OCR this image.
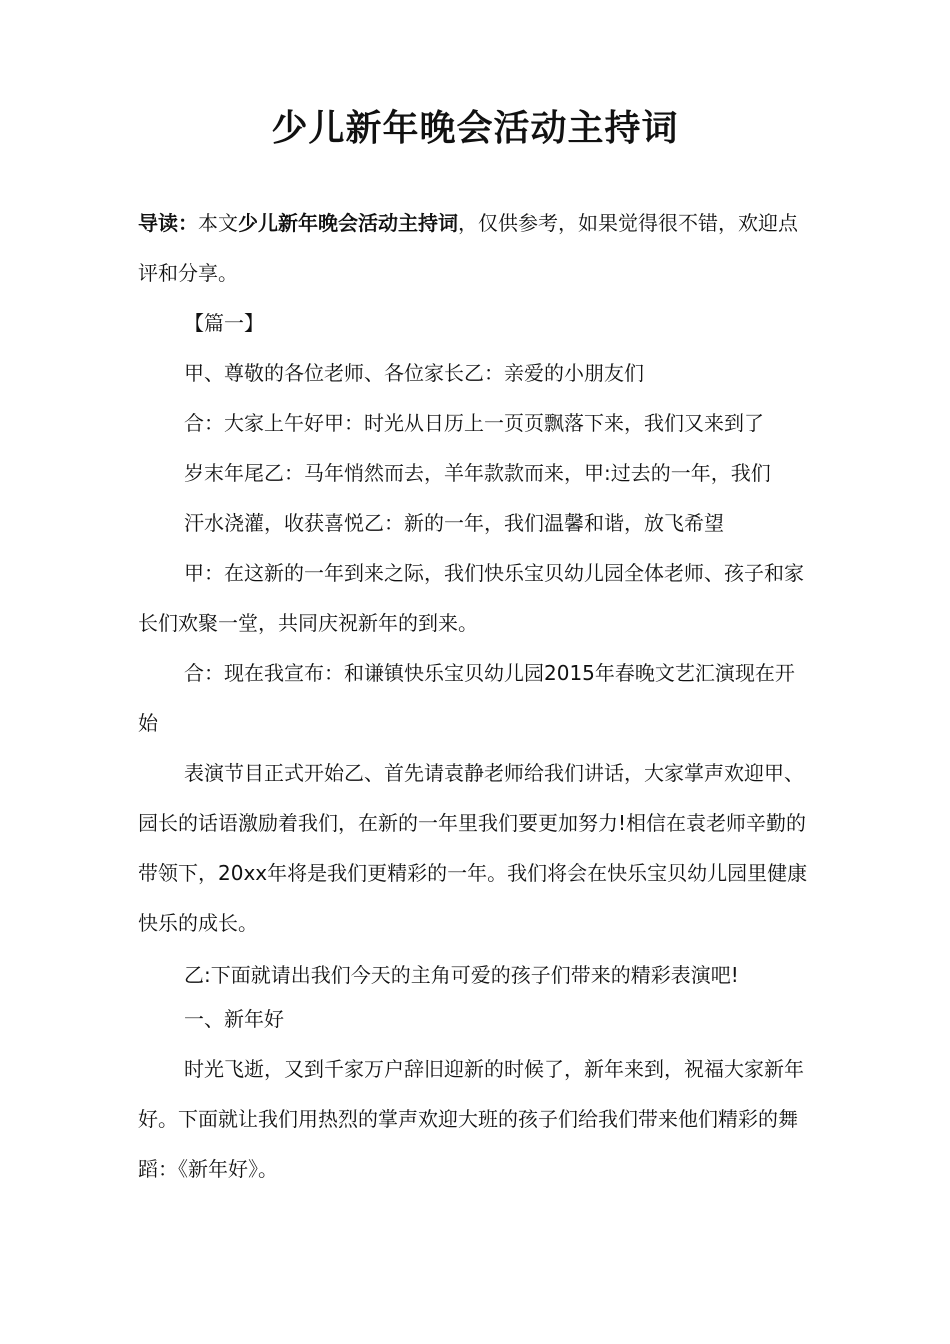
少儿新年晚会活动主持词

导读：本文少儿新年晚会活动主持词，仅供参考，如果觉得很不错，欢迎点评和分享。

【篇一】

甲、尊敬的各位老师、各位家长乙：亲爱的小朋友们

合：大家上午好甲：时光从日历上一页页飘落下来，我们又来到了

岁末年尾乙：马年悄然而去，羊年款款而来，甲:过去的一年，我们

汗水浇灌，收获喜悦乙：新的一年，我们温馨和谐，放飞希望

甲：在这新的一年到来之际，我们快乐宝贝幼儿园全体老师、孩子和家长们欢聚一堂，共同庆祝新年的到来。

合：现在我宣布：和谦镇快乐宝贝幼儿园2015年春晚文艺汇演现在开始

表演节目正式开始乙、首先请袁静老师给我们讲话，大家掌声欢迎甲、园长的话语激励着我们，在新的一年里我们要更加努力!相信在袁老师辛勤的带领下，20xx年将是我们更精彩的一年。我们将会在快乐宝贝幼儿园里健康快乐的成长。

乙:下面就请出我们今天的主角可爱的孩子们带来的精彩表演吧!

一、新年好

时光飞逝，又到千家万户辞旧迎新的时候了，新年来到，祝福大家新年好。下面就让我们用热烈的掌声欢迎大班的孩子们给我们带来他们精彩的舞蹈：《新年好》。
